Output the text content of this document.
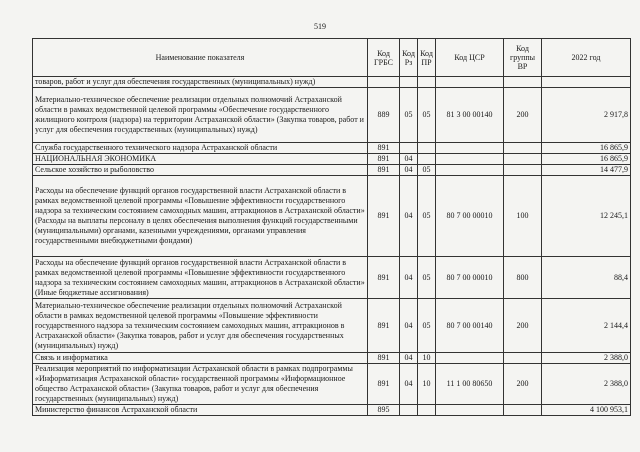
519
Наименование показателя	Код ГРБС	Код Рз	Код ПР	Код ЦСР	Код группы ВР	2022 год
товаров, работ и услуг для обеспечения государственных (муниципальных) нужд)						
Материально-техническое обеспечение реализации отдельных полномочий Астраханской области в рамках ведомственной целевой программы «Обеспечение государственного жилищного контроля (надзора) на территории Астраханской области» (Закупка товаров, работ и услуг для обеспечения государственных (муниципальных) нужд)	889	05	05	81 3 00 00140	200	2 917,8
Служба государственного технического надзора Астраханской области	891					16 865,9
НАЦИОНАЛЬНАЯ ЭКОНОМИКА	891	04				16 865,9
Сельское хозяйство и рыболовство	891	04	05			14 477,9
Расходы на обеспечение функций органов государственной власти Астраханской области в рамках ведомственной целевой программы «Повышение эффективности государственного надзора за техническим состоянием самоходных машин, аттракционов в Астраханской области» (Расходы на выплаты персоналу в целях обеспечения выполнения функций государственными (муниципальными) органами, казенными учреждениями, органами управления государственными внебюджетными фондами)	891	04	05	80 7 00 00010	100	12 245,1
Расходы на обеспечение функций органов государственной власти Астраханской области в рамках ведомственной целевой программы «Повышение эффективности государственного надзора за техническим состоянием самоходных машин, аттракционов в Астраханской области» (Иные бюджетные ассигнования)	891	04	05	80 7 00 00010	800	88,4
Материально-техническое обеспечение реализации отдельных полномочий Астраханской области в рамках ведомственной целевой программы «Повышение эффективности государственного надзора за техническим состоянием самоходных машин, аттракционов в Астраханской области» (Закупка товаров, работ и услуг для обеспечения государственных (муниципальных) нужд)	891	04	05	80 7 00 00140	200	2 144,4
Связь и информатика	891	04	10			2 388,0
Реализация мероприятий по информатизации Астраханской области в рамках подпрограммы «Информатизация Астраханской области» государственной программы «Информационное общество Астраханской области» (Закупка товаров, работ и услуг для обеспечения государственных (муниципальных) нужд)	891	04	10	11 1 00 80650	200	2 388,0
Министерство финансов Астраханской области	895					4 100 953,1
